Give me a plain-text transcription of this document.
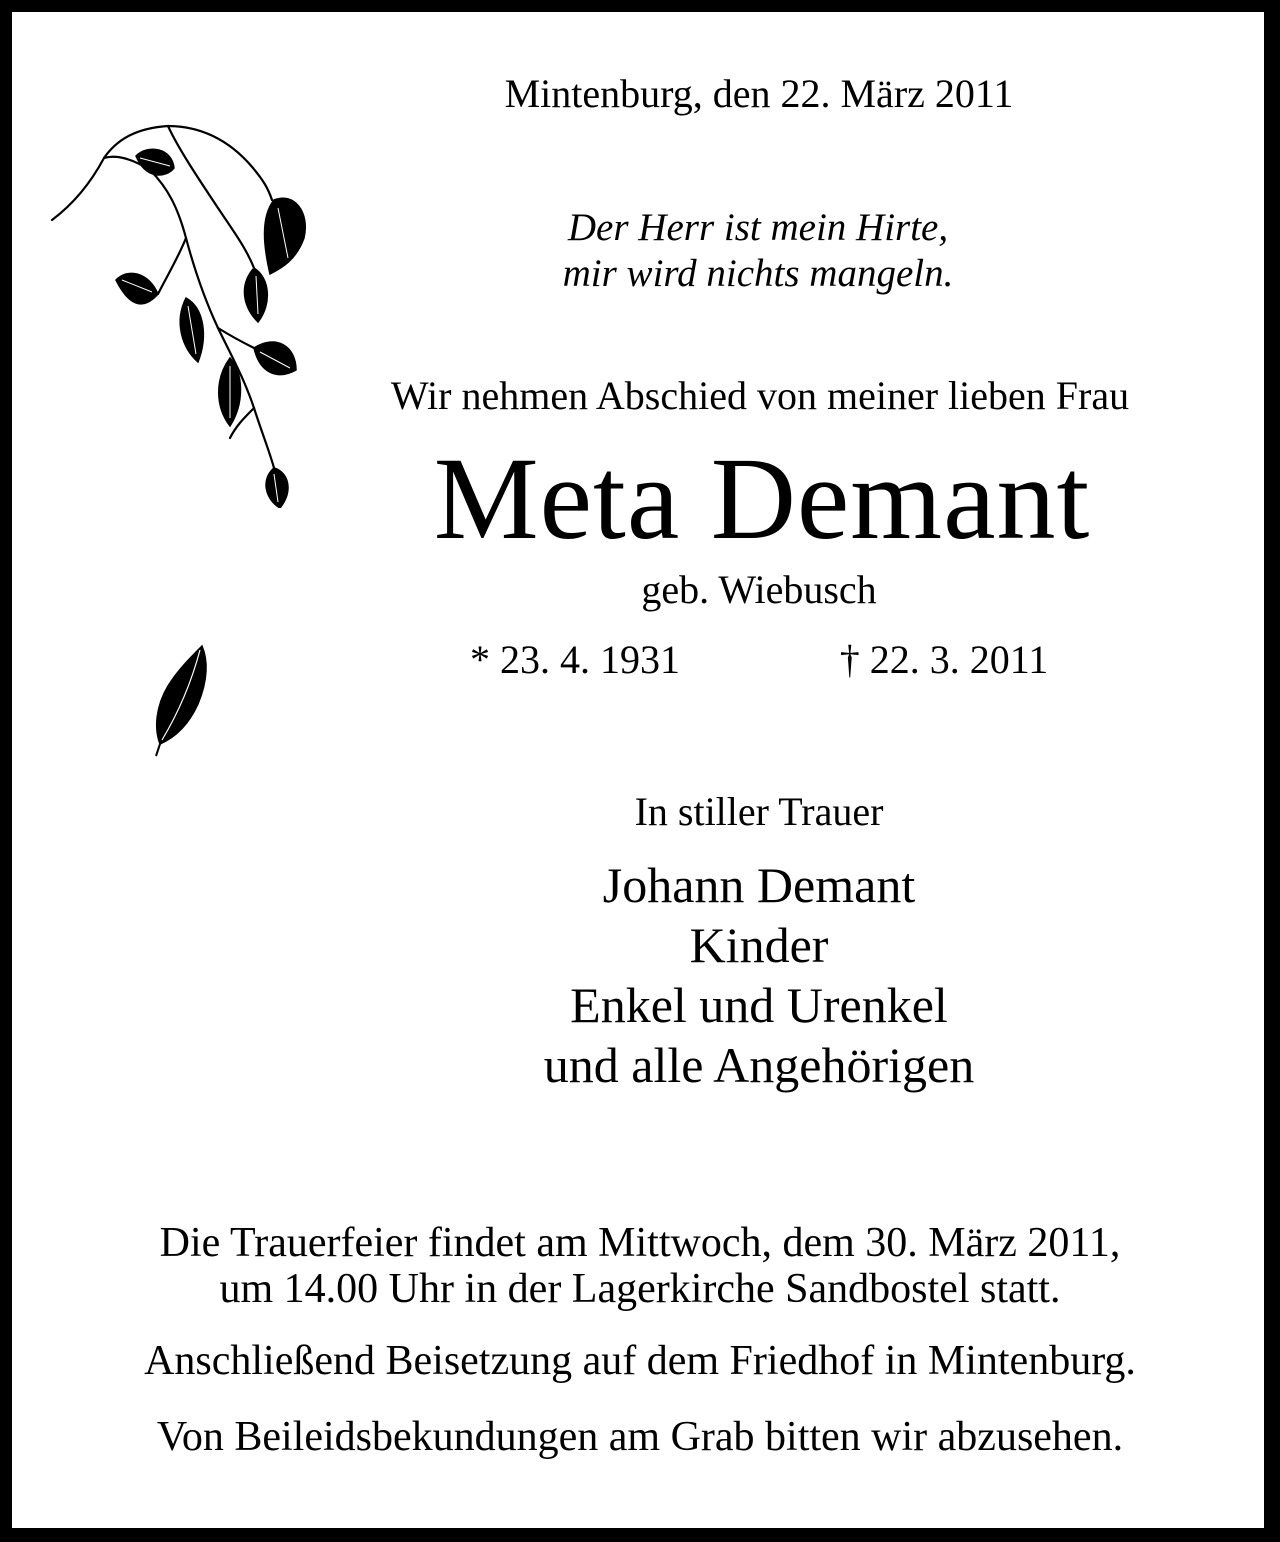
Mintenburg, den 22. März 2011
Der Herr ist mein Hirte,
mir wird nichts mangeln.
Wir nehmen Abschied von meiner lieben Frau
Meta Demant
geb. Wiebusch
* 23. 4. 1931	† 22. 3. 2011
In stiller Trauer
Johann Demant
Kinder
Enkel und Urenkel
und alle Angehörigen
Die Trauerfeier findet am Mittwoch, dem 30. März 2011,
um 14.00 Uhr in der Lagerkirche Sandbostel statt.
Anschließend Beisetzung auf dem Friedhof in Mintenburg.
Von Beileidsbekundungen am Grab bitten wir abzusehen.
